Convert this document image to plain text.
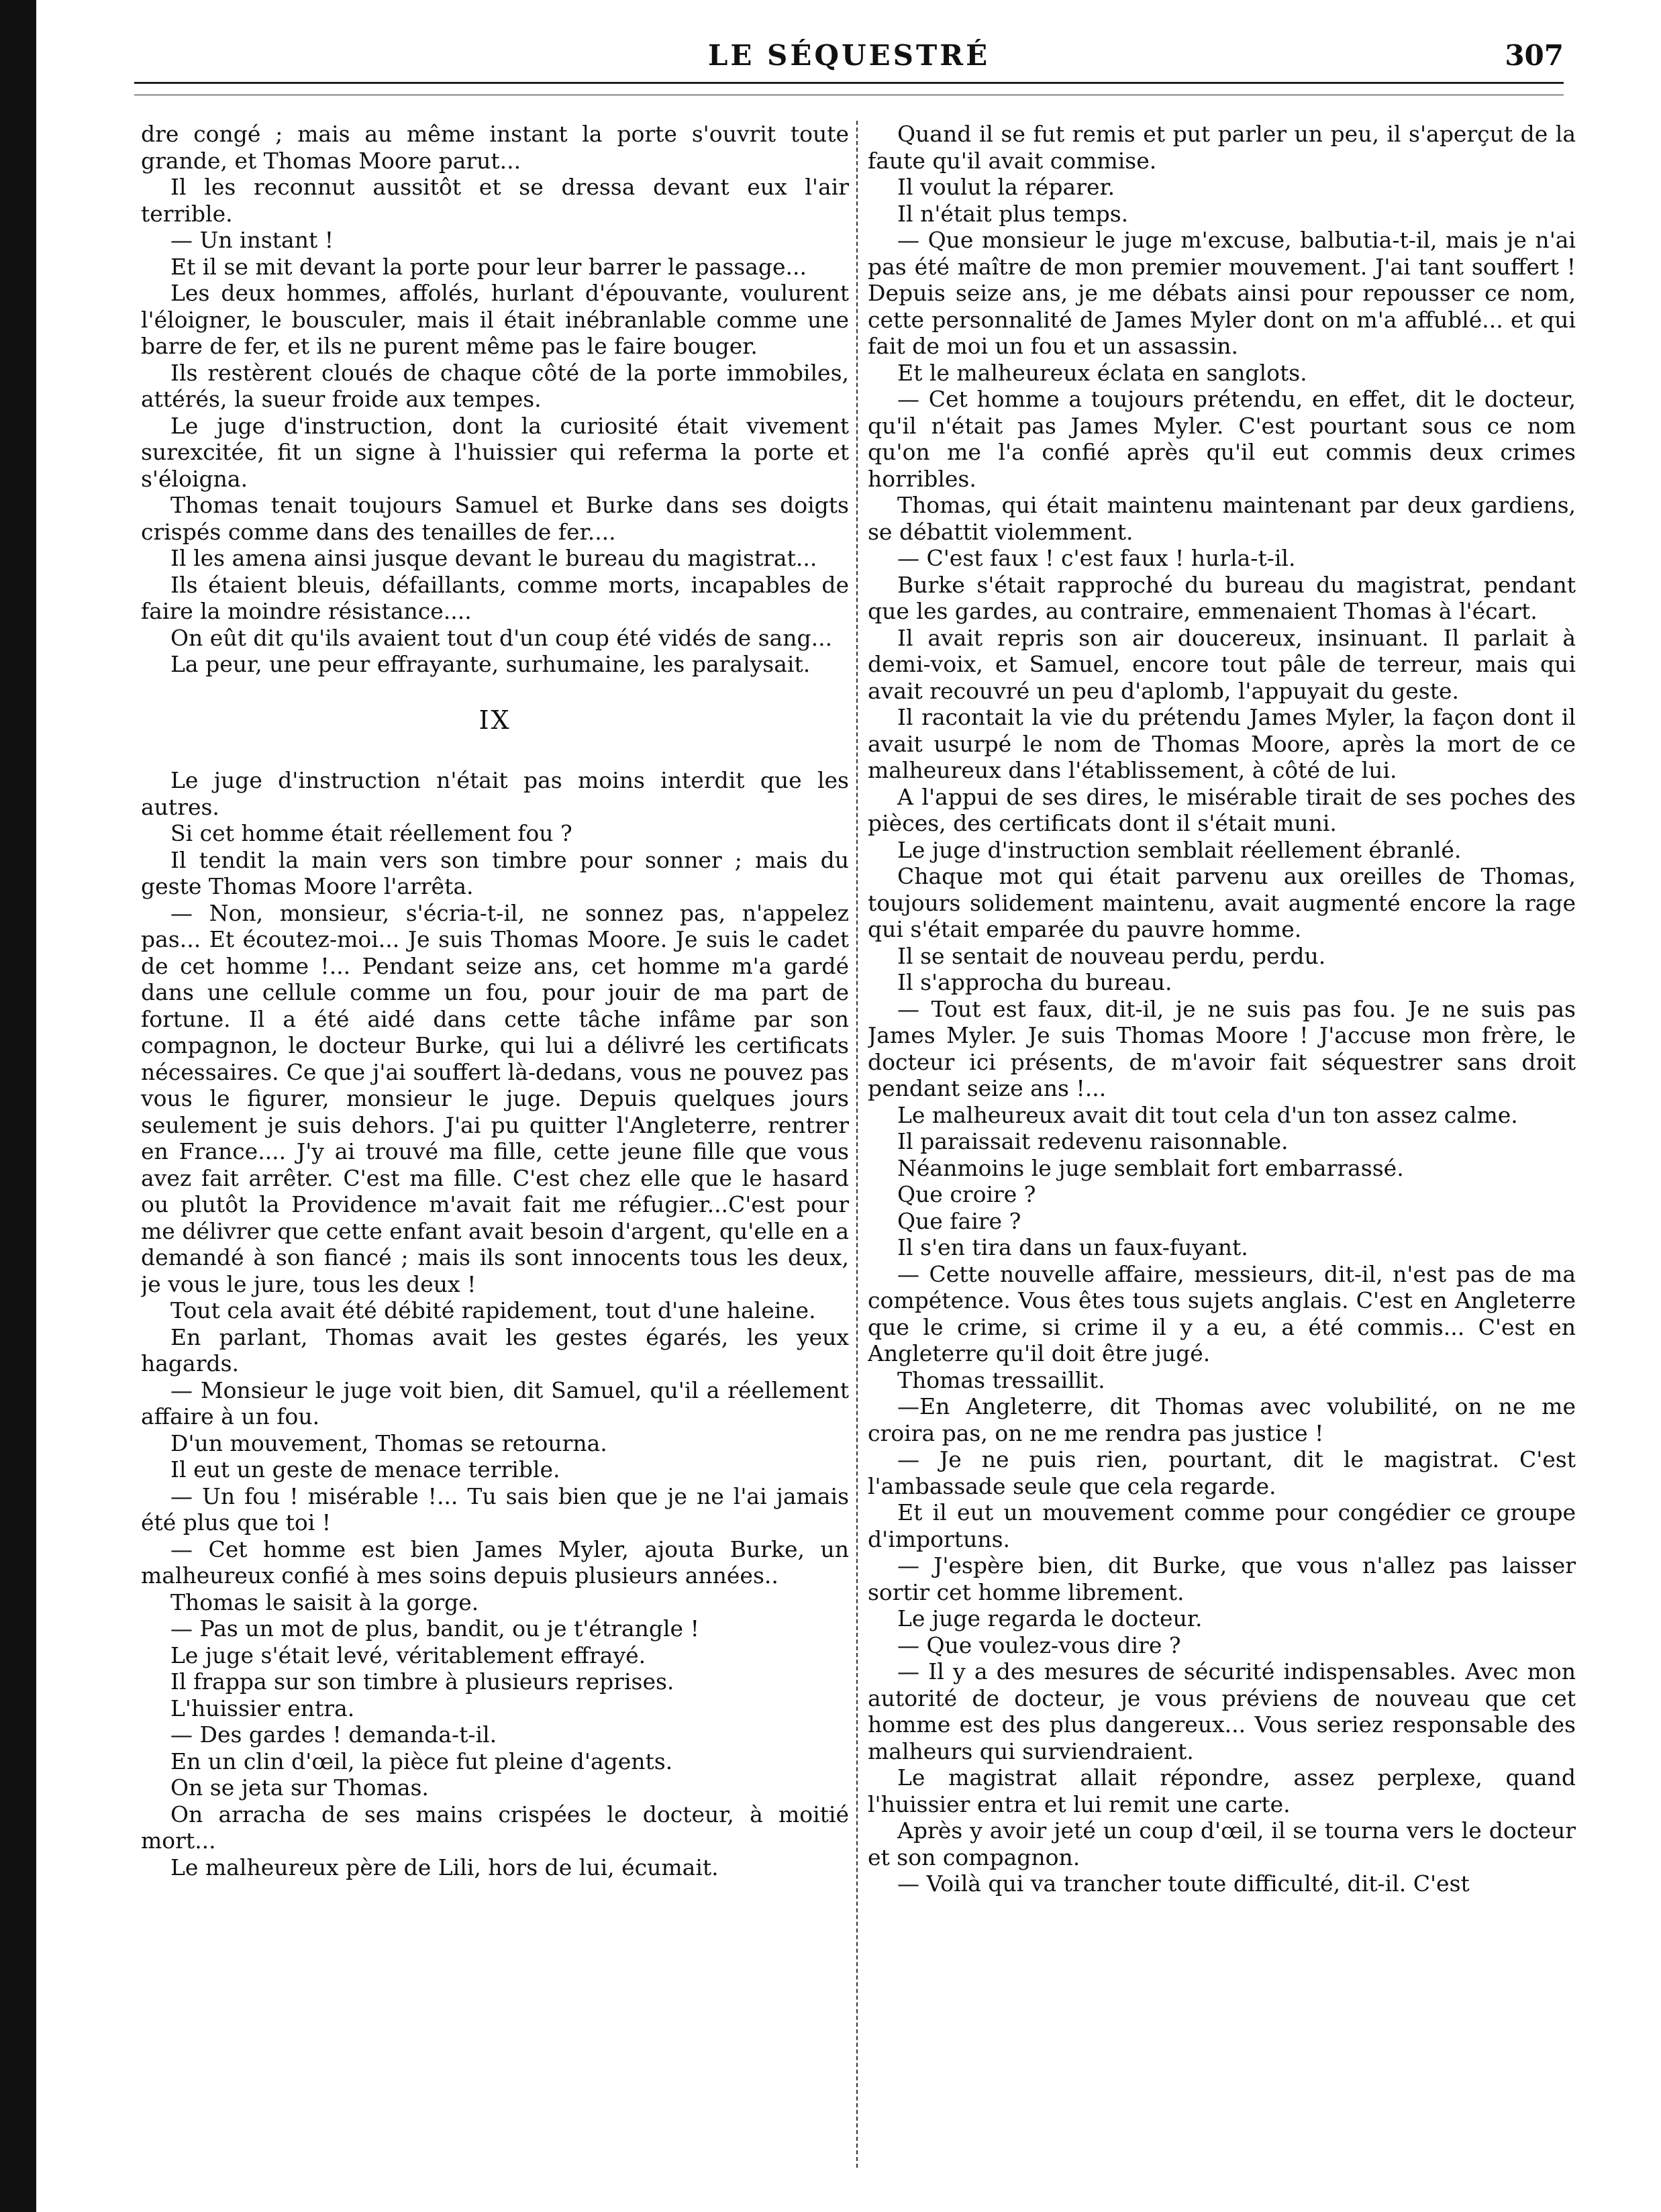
LE SÉQUESTRÉ	307

dre congé ; mais au même instant la porte s'ouvrit toute grande, et Thomas Moore parut...

Il les reconnut aussitôt et se dressa devant eux l'air terrible.

— Un instant !

Et il se mit devant la porte pour leur barrer le passage...

Les deux hommes, affolés, hurlant d'épouvante, voulurent l'éloigner, le bousculer, mais il était inébranlable comme une barre de fer, et ils ne purent même pas le faire bouger.

Ils restèrent cloués de chaque côté de la porte immobiles, attérés, la sueur froide aux tempes.

Le juge d'instruction, dont la curiosité était vivement surexcitée, fit un signe à l'huissier qui referma la porte et s'éloigna.

Thomas tenait toujours Samuel et Burke dans ses doigts crispés comme dans des tenailles de fer....

Il les amena ainsi jusque devant le bureau du magistrat...

Ils étaient bleuis, défaillants, comme morts, incapables de faire la moindre résistance....

On eût dit qu'ils avaient tout d'un coup été vidés de sang...

La peur, une peur effrayante, surhumaine, les paralysait.

IX

Le juge d'instruction n'était pas moins interdit que les autres.

Si cet homme était réellement fou ?

Il tendit la main vers son timbre pour sonner ; mais du geste Thomas Moore l'arrêta.

— Non, monsieur, s'écria-t-il, ne sonnez pas, n'appelez pas... Et écoutez-moi... Je suis Thomas Moore. Je suis le cadet de cet homme !... Pendant seize ans, cet homme m'a gardé dans une cellule comme un fou, pour jouir de ma part de fortune. Il a été aidé dans cette tâche infâme par son compagnon, le docteur Burke, qui lui a délivré les certificats nécessaires. Ce que j'ai souffert là-dedans, vous ne pouvez pas vous le figurer, monsieur le juge. Depuis quelques jours seulement je suis dehors. J'ai pu quitter l'Angleterre, rentrer en France.... J'y ai trouvé ma fille, cette jeune fille que vous avez fait arrêter. C'est ma fille. C'est chez elle que le hasard ou plutôt la Providence m'avait fait me réfugier...C'est pour me délivrer que cette enfant avait besoin d'argent, qu'elle en a demandé à son fiancé ; mais ils sont innocents tous les deux, je vous le jure, tous les deux !

Tout cela avait été débité rapidement, tout d'une haleine.

En parlant, Thomas avait les gestes égarés, les yeux hagards.

— Monsieur le juge voit bien, dit Samuel, qu'il a réellement affaire à un fou.

D'un mouvement, Thomas se retourna.

Il eut un geste de menace terrible.

— Un fou ! misérable !... Tu sais bien que je ne l'ai jamais été plus que toi !

— Cet homme est bien James Myler, ajouta Burke, un malheureux confié à mes soins depuis plusieurs années..

Thomas le saisit à la gorge.

— Pas un mot de plus, bandit, ou je t'étrangle !

Le juge s'était levé, véritablement effrayé.

Il frappa sur son timbre à plusieurs reprises.

L'huissier entra.

— Des gardes ! demanda-t-il.

En un clin d'œil, la pièce fut pleine d'agents.

On se jeta sur Thomas.

On arracha de ses mains crispées le docteur, à moitié mort...

Le malheureux père de Lili, hors de lui, écumait.

Quand il se fut remis et put parler un peu, il s'aperçut de la faute qu'il avait commise.

Il voulut la réparer.

Il n'était plus temps.

— Que monsieur le juge m'excuse, balbutia-t-il, mais je n'ai pas été maître de mon premier mouvement. J'ai tant souffert ! Depuis seize ans, je me débats ainsi pour repousser ce nom, cette personnalité de James Myler dont on m'a affublé... et qui fait de moi un fou et un assassin.

Et le malheureux éclata en sanglots.

— Cet homme a toujours prétendu, en effet, dit le docteur, qu'il n'était pas James Myler. C'est pourtant sous ce nom qu'on me l'a confié après qu'il eut commis deux crimes horribles.

Thomas, qui était maintenu maintenant par deux gardiens, se débattit violemment.

— C'est faux ! c'est faux ! hurla-t-il.

Burke s'était rapproché du bureau du magistrat, pendant que les gardes, au contraire, emmenaient Thomas à l'écart.

Il avait repris son air doucereux, insinuant. Il parlait à demi-voix, et Samuel, encore tout pâle de terreur, mais qui avait recouvré un peu d'aplomb, l'appuyait du geste.

Il racontait la vie du prétendu James Myler, la façon dont il avait usurpé le nom de Thomas Moore, après la mort de ce malheureux dans l'établissement, à côté de lui.

A l'appui de ses dires, le misérable tirait de ses poches des pièces, des certificats dont il s'était muni.

Le juge d'instruction semblait réellement ébranlé.

Chaque mot qui était parvenu aux oreilles de Thomas, toujours solidement maintenu, avait augmenté encore la rage qui s'était emparée du pauvre homme.

Il se sentait de nouveau perdu, perdu.

Il s'approcha du bureau.

— Tout est faux, dit-il, je ne suis pas fou. Je ne suis pas James Myler. Je suis Thomas Moore ! J'accuse mon frère, le docteur ici présents, de m'avoir fait séquestrer sans droit pendant seize ans !...

Le malheureux avait dit tout cela d'un ton assez calme.

Il paraissait redevenu raisonnable.

Néanmoins le juge semblait fort embarrassé.

Que croire ?

Que faire ?

Il s'en tira dans un faux-fuyant.

— Cette nouvelle affaire, messieurs, dit-il, n'est pas de ma compétence. Vous êtes tous sujets anglais. C'est en Angleterre que le crime, si crime il y a eu, a été commis... C'est en Angleterre qu'il doit être jugé.

Thomas tressaillit.

—En Angleterre, dit Thomas avec volubilité, on ne me croira pas, on ne me rendra pas justice !

— Je ne puis rien, pourtant, dit le magistrat. C'est l'ambassade seule que cela regarde.

Et il eut un mouvement comme pour congédier ce groupe d'importuns.

— J'espère bien, dit Burke, que vous n'allez pas laisser sortir cet homme librement.

Le juge regarda le docteur.

— Que voulez-vous dire ?

— Il y a des mesures de sécurité indispensables. Avec mon autorité de docteur, je vous préviens de nouveau que cet homme est des plus dangereux... Vous seriez responsable des malheurs qui surviendraient.

Le magistrat allait répondre, assez perplexe, quand l'huissier entra et lui remit une carte.

Après y avoir jeté un coup d'œil, il se tourna vers le docteur et son compagnon.

— Voilà qui va trancher toute difficulté, dit-il. C'est
